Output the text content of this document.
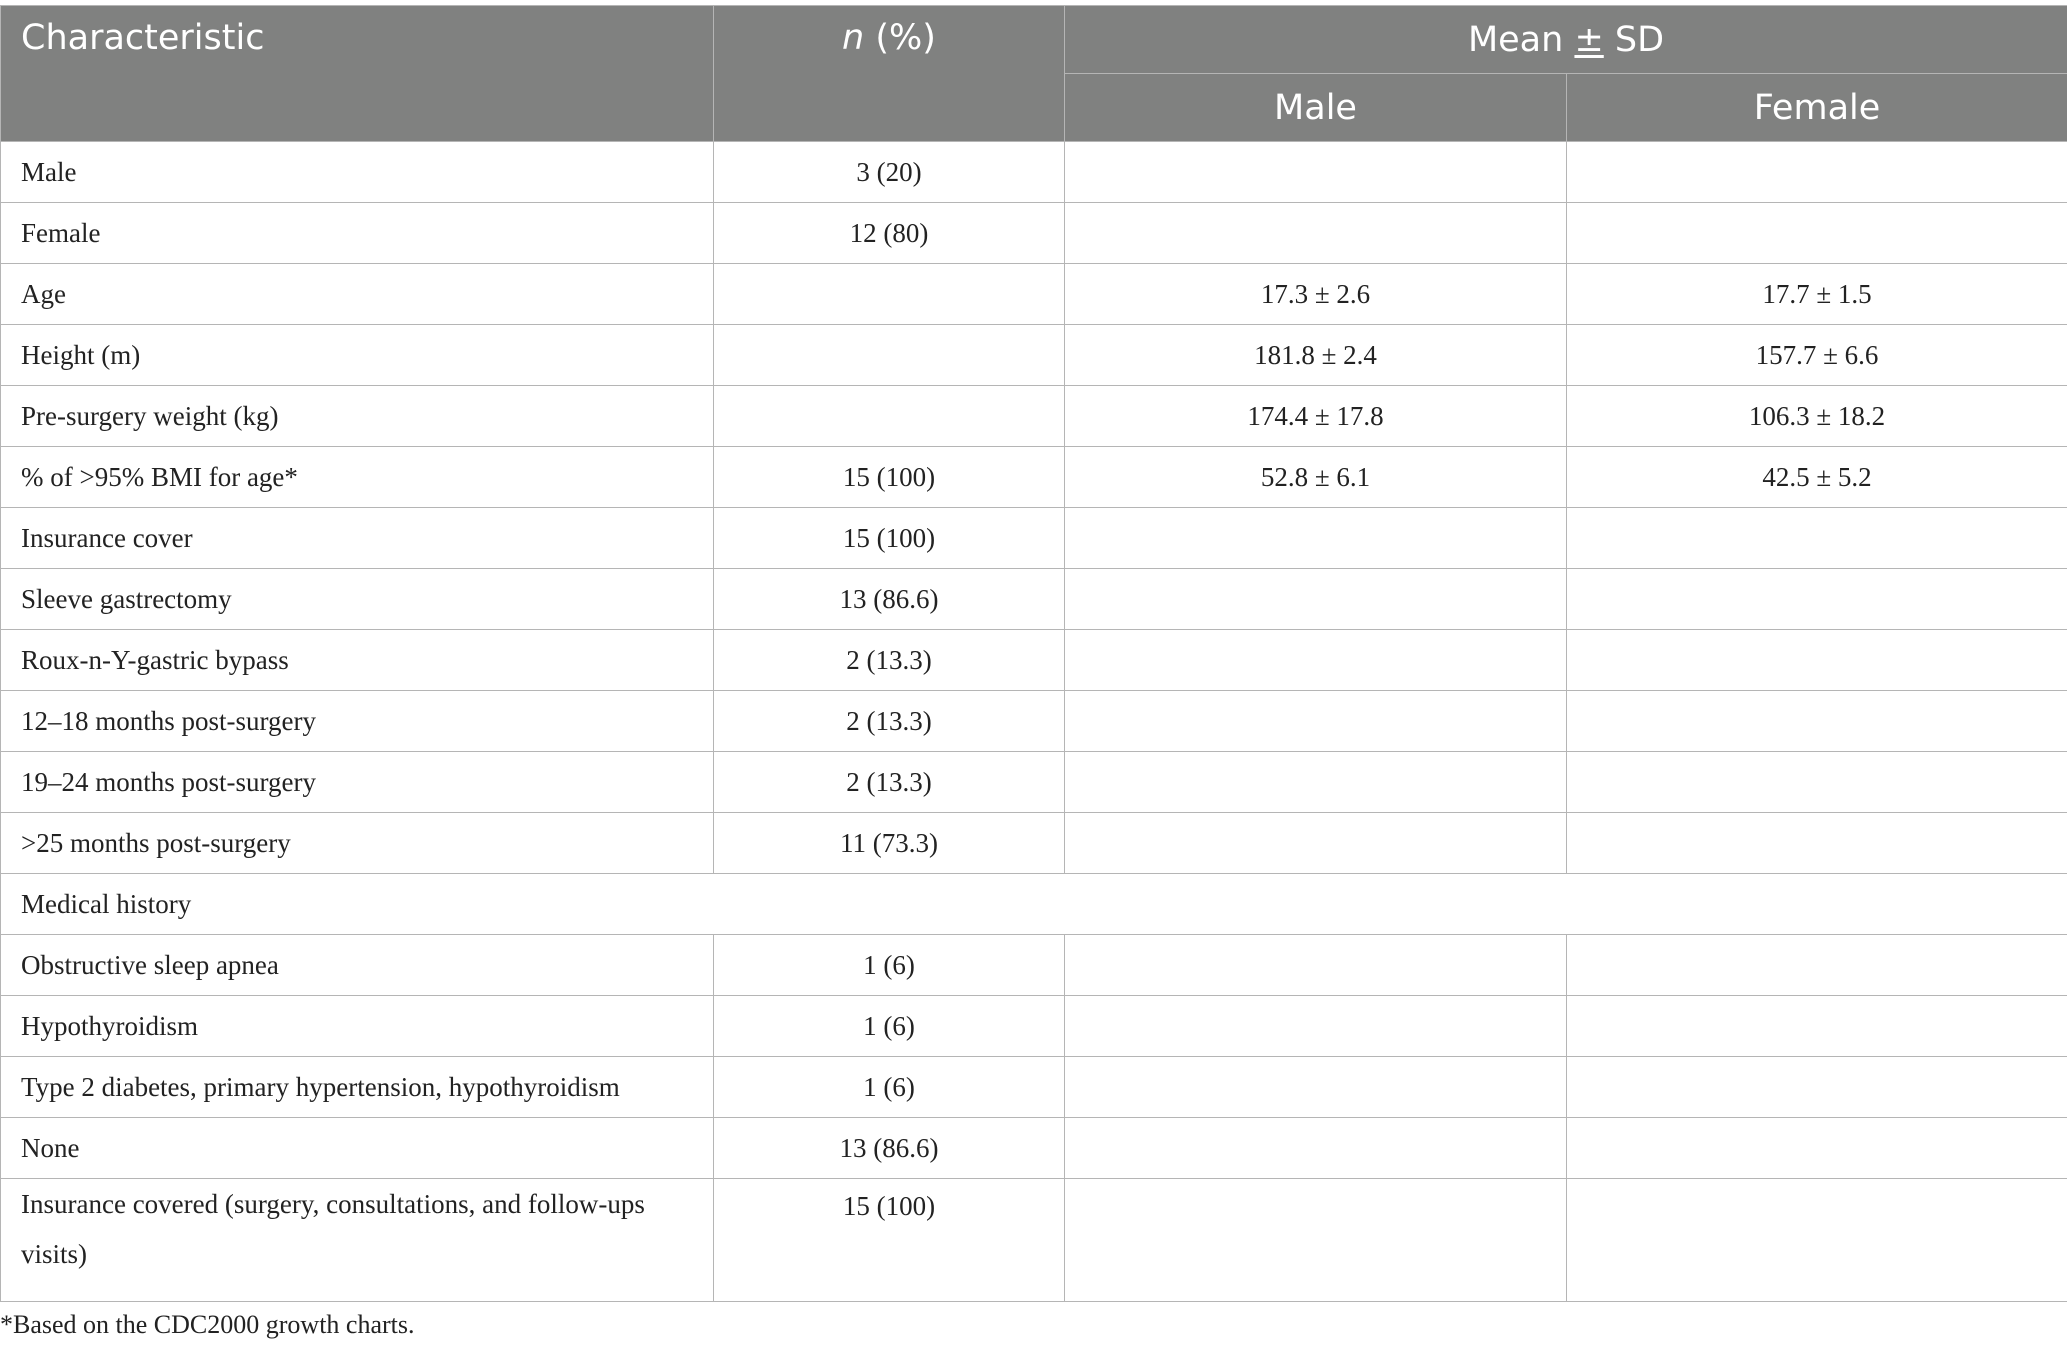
Characteristic	n (%)	Mean ± SD	
		Male	Female
Male	3 (20)		
Female	12 (80)		
Age		17.3 ± 2.6	17.7 ± 1.5
Height (m)		181.8 ± 2.4	157.7 ± 6.6
Pre-surgery weight (kg)		174.4 ± 17.8	106.3 ± 18.2
% of >95% BMI for age*	15 (100)	52.8 ± 6.1	42.5 ± 5.2
Insurance cover	15 (100)		
Sleeve gastrectomy	13 (86.6)		
Roux-n-Y-gastric bypass	2 (13.3)		
12–18 months post-surgery	2 (13.3)		
19–24 months post-surgery	2 (13.3)		
>25 months post-surgery	11 (73.3)		
Medical history			
Obstructive sleep apnea	1 (6)		
Hypothyroidism	1 (6)		
Type 2 diabetes, primary hypertension, hypothyroidism	1 (6)		
None	13 (86.6)		
Insurance covered (surgery, consultations, and follow-ups visits)	15 (100)		
*Based on the CDC2000 growth charts.
